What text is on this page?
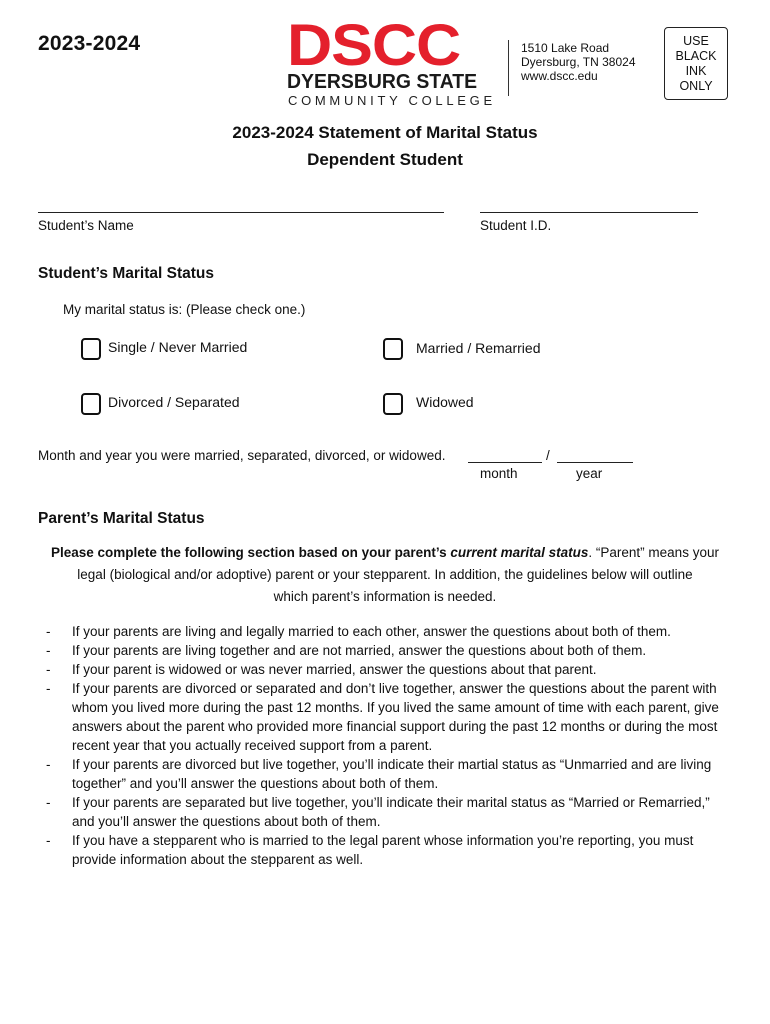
2023-2024	DSCC
DYERSBURG STATE
COMMUNITY COLLEGE
1510 Lake Road
Dyersburg, TN 38024
www.dscc.edu
USE
BLACK
INK
ONLY
2023-2024 Statement of Marital Status
Dependent Student
Student’s Name	Student I.D.
Student’s Marital Status
My marital status is: (Please check one.)
Single / Never Married	Married / Remarried
Divorced / Separated	Widowed
Month and year you were married, separated, divorced, or widowed.	/
month	year
Parent’s Marital Status
Please complete the following section based on your parent’s current marital status. “Parent” means your
legal (biological and/or adoptive) parent or your stepparent. In addition, the guidelines below will outline
which parent’s information is needed.
- If your parents are living and legally married to each other, answer the questions about both of them.
- If your parents are living together and are not married, answer the questions about both of them.
- If your parent is widowed or was never married, answer the questions about that parent.
- If your parents are divorced or separated and don’t live together, answer the questions about the parent with whom you lived more during the past 12 months. If you lived the same amount of time with each parent, give answers about the parent who provided more financial support during the past 12 months or during the most recent year that you actually received support from a parent.
- If your parents are divorced but live together, you’ll indicate their martial status as “Unmarried and are living together” and you’ll answer the questions about both of them.
- If your parents are separated but live together, you’ll indicate their marital status as “Married or Remarried,” and you’ll answer the questions about both of them.
- If you have a stepparent who is married to the legal parent whose information you’re reporting, you must provide information about the stepparent as well.
